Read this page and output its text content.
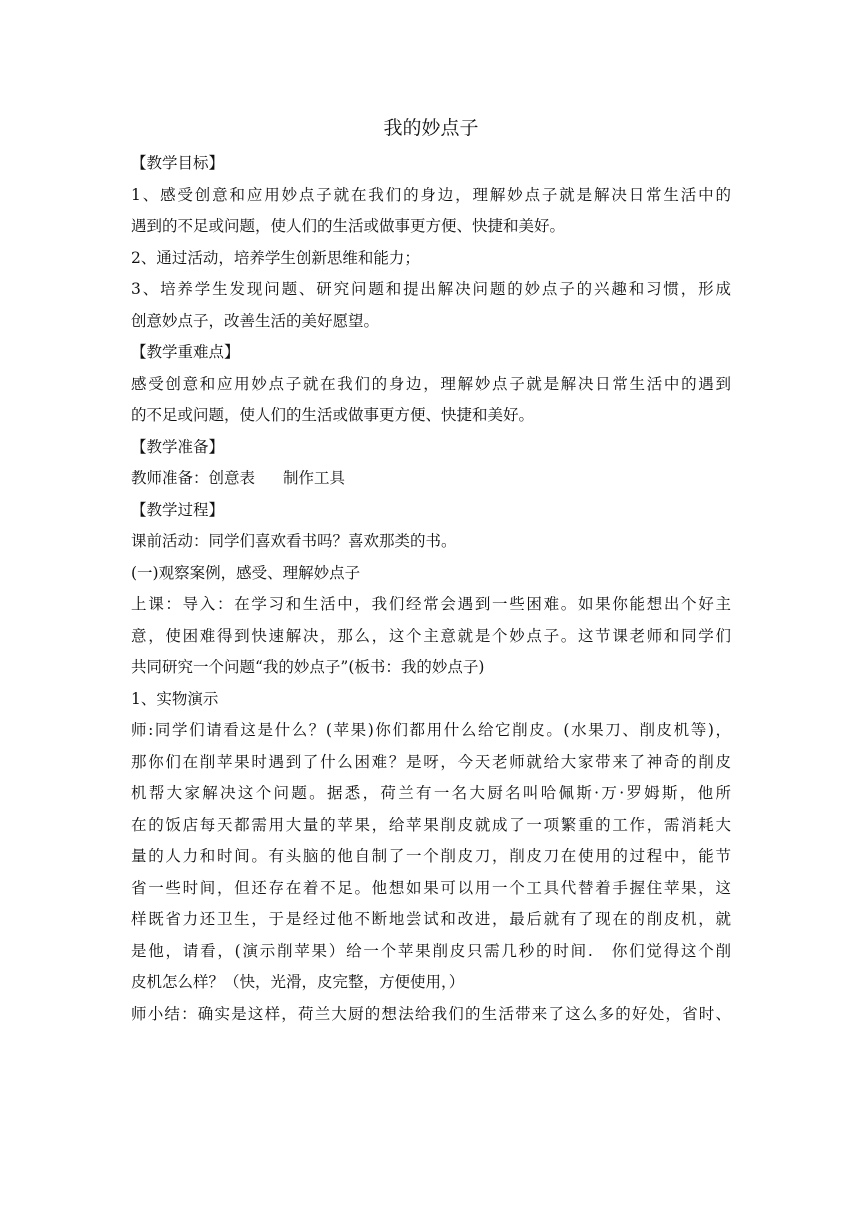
我的妙点子
【教学目标】
1、感受创意和应用妙点子就在我们的身边，理解妙点子就是解决日常生活中的
遇到的不足或问题，使人们的生活或做事更方便、快捷和美好。
2、通过活动，培养学生创新思维和能力；
3、培养学生发现问题、研究问题和提出解决问题的妙点子的兴趣和习惯，形成
创意妙点子，改善生活的美好愿望。
【教学重难点】
感受创意和应用妙点子就在我们的身边，理解妙点子就是解决日常生活中的遇到
的不足或问题，使人们的生活或做事更方便、快捷和美好。
【教学准备】
教师准备：创意表 制作工具
【教学过程】
课前活动：同学们喜欢看书吗？喜欢那类的书。
(一)观察案例，感受、理解妙点子
上课：导入：在学习和生活中，我们经常会遇到一些困难。如果你能想出个好主
意，使困难得到快速解决，那么，这个主意就是个妙点子。这节课老师和同学们
共同研究一个问题“我的妙点子”(板书：我的妙点子)
1、实物演示
师:同学们请看这是什么？(苹果)你们都用什么给它削皮。(水果刀、削皮机等)，
那你们在削苹果时遇到了什么困难？是呀，今天老师就给大家带来了神奇的削皮
机帮大家解决这个问题。据悉，荷兰有一名大厨名叫哈佩斯·万·罗姆斯，他所
在的饭店每天都需用大量的苹果，给苹果削皮就成了一项繁重的工作，需消耗大
量的人力和时间。有头脑的他自制了一个削皮刀，削皮刀在使用的过程中，能节
省一些时间，但还存在着不足。他想如果可以用一个工具代替着手握住苹果，这
样既省力还卫生，于是经过他不断地尝试和改进，最后就有了现在的削皮机，就
是他，请看，(演示削苹果）给一个苹果削皮只需几秒的时间.　你们觉得这个削
皮机怎么样？（快，光滑，皮完整，方便使用，）
师小结：确实是这样，荷兰大厨的想法给我们的生活带来了这么多的好处，省时、
